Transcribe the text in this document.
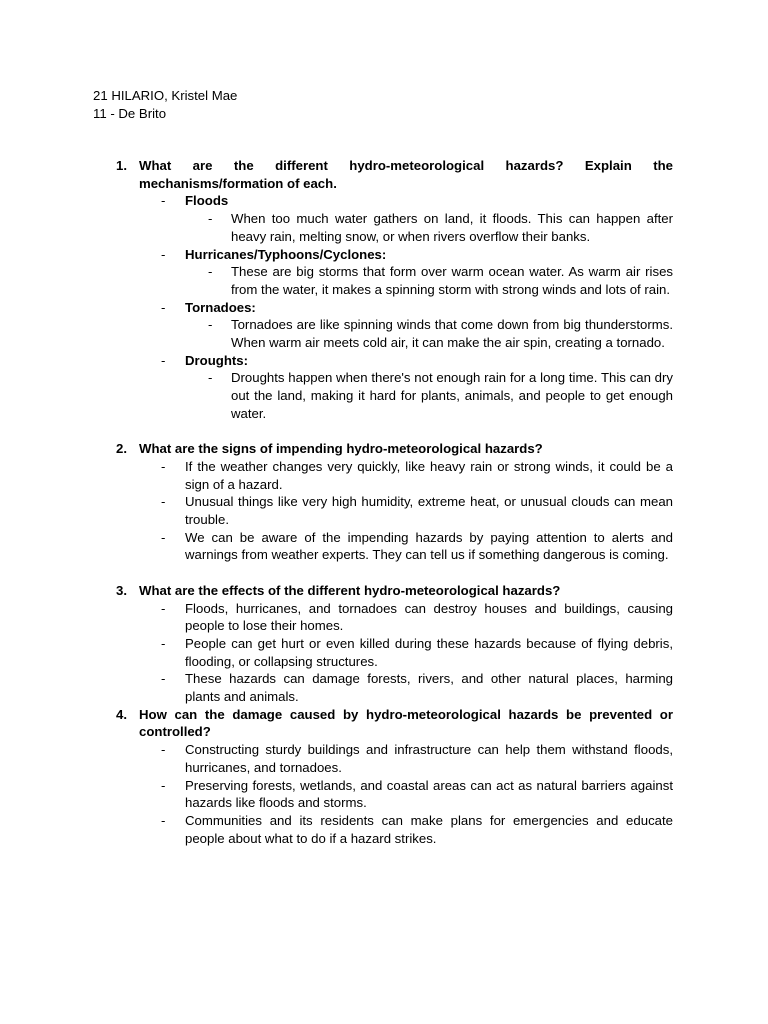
21 HILARIO, Kristel Mae
11 - De Brito
1. What are the different hydro-meteorological hazards? Explain the mechanisms/formation of each.
- Floods
- When too much water gathers on land, it floods. This can happen after heavy rain, melting snow, or when rivers overflow their banks.
- Hurricanes/Typhoons/Cyclones:
- These are big storms that form over warm ocean water. As warm air rises from the water, it makes a spinning storm with strong winds and lots of rain.
- Tornadoes:
- Tornadoes are like spinning winds that come down from big thunderstorms. When warm air meets cold air, it can make the air spin, creating a tornado.
- Droughts:
- Droughts happen when there's not enough rain for a long time. This can dry out the land, making it hard for plants, animals, and people to get enough water.
2. What are the signs of impending hydro-meteorological hazards?
- If the weather changes very quickly, like heavy rain or strong winds, it could be a sign of a hazard.
- Unusual things like very high humidity, extreme heat, or unusual clouds can mean trouble.
- We can be aware of the impending hazards by paying attention to alerts and warnings from weather experts. They can tell us if something dangerous is coming.
3. What are the effects of the different hydro-meteorological hazards?
- Floods, hurricanes, and tornadoes can destroy houses and buildings, causing people to lose their homes.
- People can get hurt or even killed during these hazards because of flying debris, flooding, or collapsing structures.
- These hazards can damage forests, rivers, and other natural places, harming plants and animals.
4. How can the damage caused by hydro-meteorological hazards be prevented or controlled?
- Constructing sturdy buildings and infrastructure can help them withstand floods, hurricanes, and tornadoes.
- Preserving forests, wetlands, and coastal areas can act as natural barriers against hazards like floods and storms.
- Communities and its residents can make plans for emergencies and educate people about what to do if a hazard strikes.
